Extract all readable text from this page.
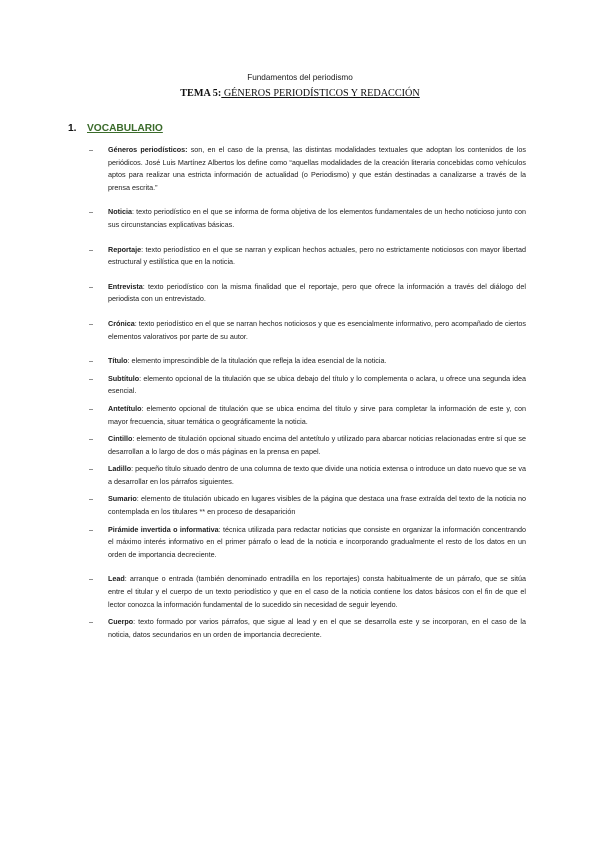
Fundamentos del periodismo
TEMA 5: GÉNEROS PERIODÍSTICOS Y REDACCIÓN
1. VOCABULARIO
– Géneros periodísticos: son, en el caso de la prensa, las distintas modalidades textuales que adoptan los contenidos de los periódicos. José Luis Martínez Albertos los define como “aquellas modalidades de la creación literaria concebidas como vehículos aptos para realizar una estricta información de actualidad (o Periodismo) y que están destinadas a canalizarse a través de la prensa escrita.”
– Noticia: texto periodístico en el que se informa de forma objetiva de los elementos fundamentales de un hecho noticioso junto con sus circunstancias explicativas básicas.
– Reportaje: texto periodístico en el que se narran y explican hechos actuales, pero no estrictamente noticiosos con mayor libertad estructural y estilística que en la noticia.
– Entrevista: texto periodístico con la misma finalidad que el reportaje, pero que ofrece la información a través del diálogo del periodista con un entrevistado.
– Crónica: texto periodístico en el que se narran hechos noticiosos y que es esencialmente informativo, pero acompañado de ciertos elementos valorativos por parte de su autor.
– Título: elemento imprescindible de la titulación que refleja la idea esencial de la noticia.
– Subtítulo: elemento opcional de la titulación que se ubica debajo del título y lo complementa o aclara, u ofrece una segunda idea esencial.
– Antetítulo: elemento opcional de titulación que se ubica encima del título y sirve para completar la información de este y, con mayor frecuencia, situar temática o geográficamente la noticia.
– Cintillo: elemento de titulación opcional situado encima del antetítulo y utilizado para abarcar noticias relacionadas entre sí que se desarrollan a lo largo de dos o más páginas en la prensa en papel.
– Ladillo: pequeño título situado dentro de una columna de texto que divide una noticia extensa o introduce un dato nuevo que se va a desarrollar en los párrafos siguientes.
– Sumario: elemento de titulación ubicado en lugares visibles de la página que destaca una frase extraída del texto de la noticia no contemplada en los titulares ** en proceso de desaparición
– Pirámide invertida o informativa: técnica utilizada para redactar noticias que consiste en organizar la información concentrando el máximo interés informativo en el primer párrafo o lead de la noticia e incorporando gradualmente el resto de los datos en un orden de importancia decreciente.
– Lead: arranque o entrada (también denominado entradilla en los reportajes) consta habitualmente de un párrafo, que se sitúa entre el titular y el cuerpo de un texto periodístico y que en el caso de la noticia contiene los datos básicos con el fin de que el lector conozca la información fundamental de lo sucedido sin necesidad de seguir leyendo.
– Cuerpo: texto formado por varios párrafos, que sigue al lead y en el que se desarrolla este y se incorporan, en el caso de la noticia, datos secundarios en un orden de importancia decreciente.
